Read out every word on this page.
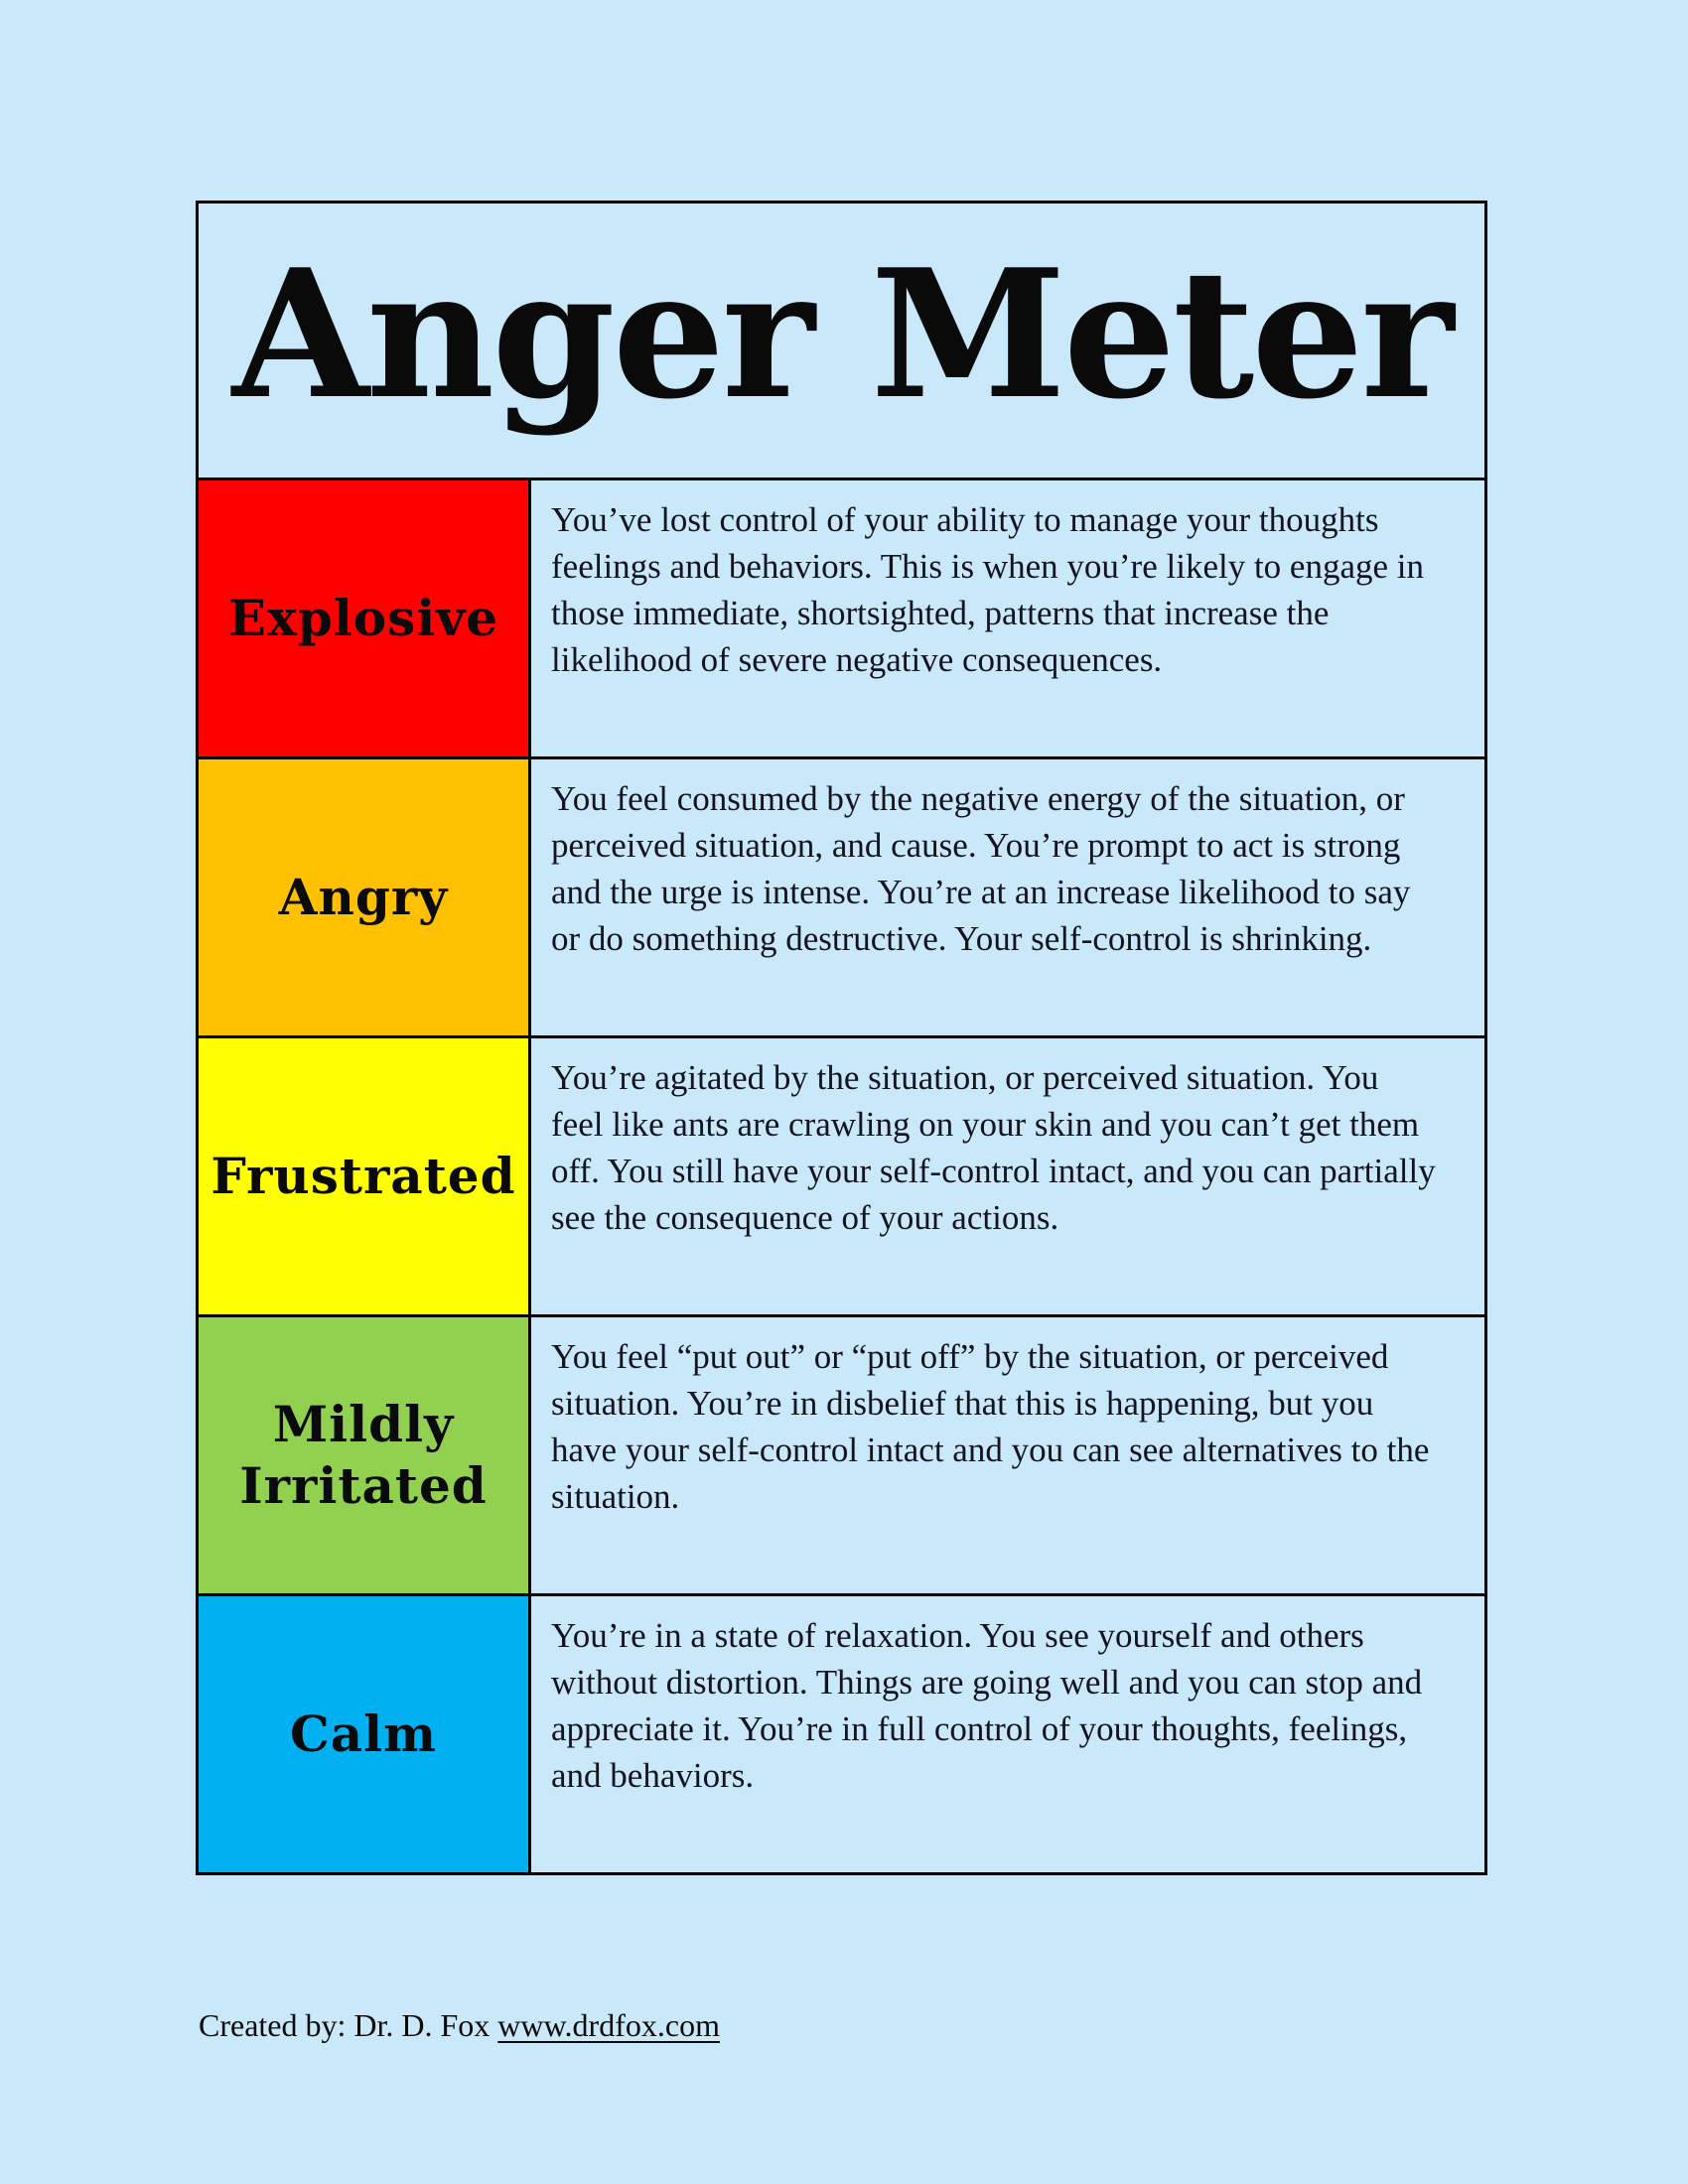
Anger Meter
Explosive
You’ve lost control of your ability to manage your thoughts feelings and behaviors. This is when you’re likely to engage in those immediate, shortsighted, patterns that increase the likelihood of severe negative consequences.
Angry
You feel consumed by the negative energy of the situation, or perceived situation, and cause. You’re prompt to act is strong and the urge is intense. You’re at an increase likelihood to say or do something destructive. Your self-control is shrinking.
Frustrated
You’re agitated by the situation, or perceived situation. You feel like ants are crawling on your skin and you can’t get them off. You still have your self-control intact, and you can partially see the consequence of your actions.
Mildly Irritated
You feel “put out” or “put off” by the situation, or perceived situation. You’re in disbelief that this is happening, but you have your self-control intact and you can see alternatives to the situation.
Calm
You’re in a state of relaxation. You see yourself and others without distortion. Things are going well and you can stop and appreciate it. You’re in full control of your thoughts, feelings, and behaviors.
Created by: Dr. D. Fox www.drdfox.com
